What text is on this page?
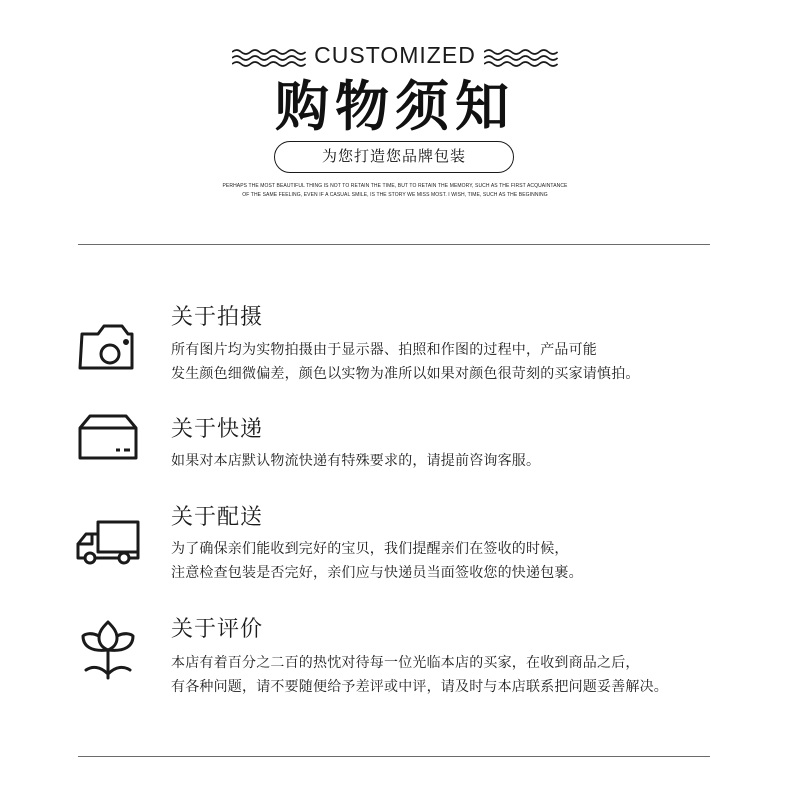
CUSTOMIZED
购物须知
为您打造您品牌包装
PERHAPS THE MOST BEAUTIFUL THING IS NOT TO RETAIN THE TIME, BUT TO RETAIN THE MEMORY, SUCH AS THE FIRST ACQUAINTANCE
OF THE SAME FEELING, EVEN IF A CASUAL SMILE, IS THE STORY WE MISS MOST. I WISH, TIME, SUCH AS THE BEGINNING
关于拍摄
所有图片均为实物拍摄由于显示器、拍照和作图的过程中，产品可能
发生颜色细微偏差，颜色以实物为准所以如果对颜色很苛刻的买家请慎拍。
关于快递
如果对本店默认物流快递有特殊要求的，请提前咨询客服。
关于配送
为了确保亲们能收到完好的宝贝，我们提醒亲们在签收的时候，
注意检查包装是否完好，亲们应与快递员当面签收您的快递包裹。
关于评价
本店有着百分之二百的热忱对待每一位光临本店的买家，在收到商品之后，
有各种问题，请不要随便给予差评或中评，请及时与本店联系把问题妥善解决。
